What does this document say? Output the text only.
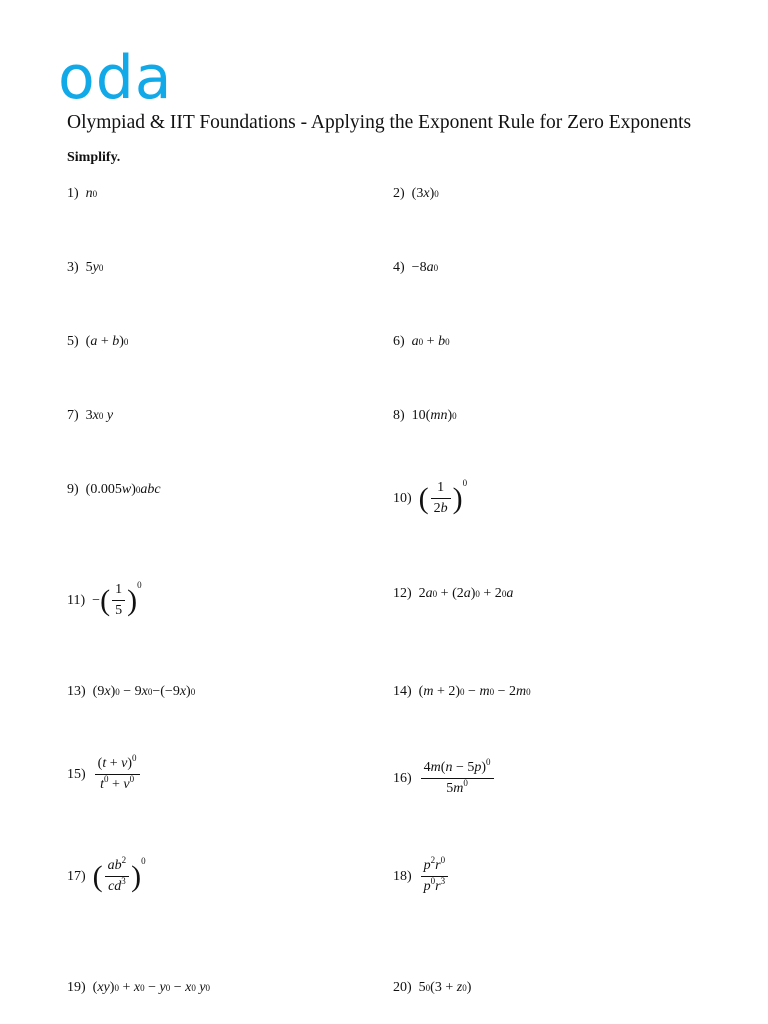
oda
Olympiad & IIT Foundations - Applying the Exponent Rule for Zero Exponents
Simplify.
1) n 0	2) (3 x ) 0
3) 5 y 0	4) −8 a 0
5) ( a + b ) 0	6) a 0 + b 0
7) 3 x 0 y	8) 10( mn ) 0
9) (0.005 w ) 0 abc
10) ( $\frac{1}{2b}$ ) 0
11) − ( $\frac{1}{5}$ ) 0
12) 2 a 0 + (2 a ) 0 + 2 0 a
13) (9 x ) 0 − 9 x 0 −(−9 x ) 0	14) ( m + 2) 0 − m 0 − 2 m 0
$15) \frac{(t + v)^0}{t^0 + v^0}$	$16) \frac{4m(n - 5p)^0}{5m^0}$
17) ( $\frac{ab^2}{cd^3}$ ) 0
$18) \frac{p^2r^0}{p^0r^3}$
19) ( xy ) 0 + x 0 − y 0 − x 0 y 0	20) 5 0 (3 + z 0 )
